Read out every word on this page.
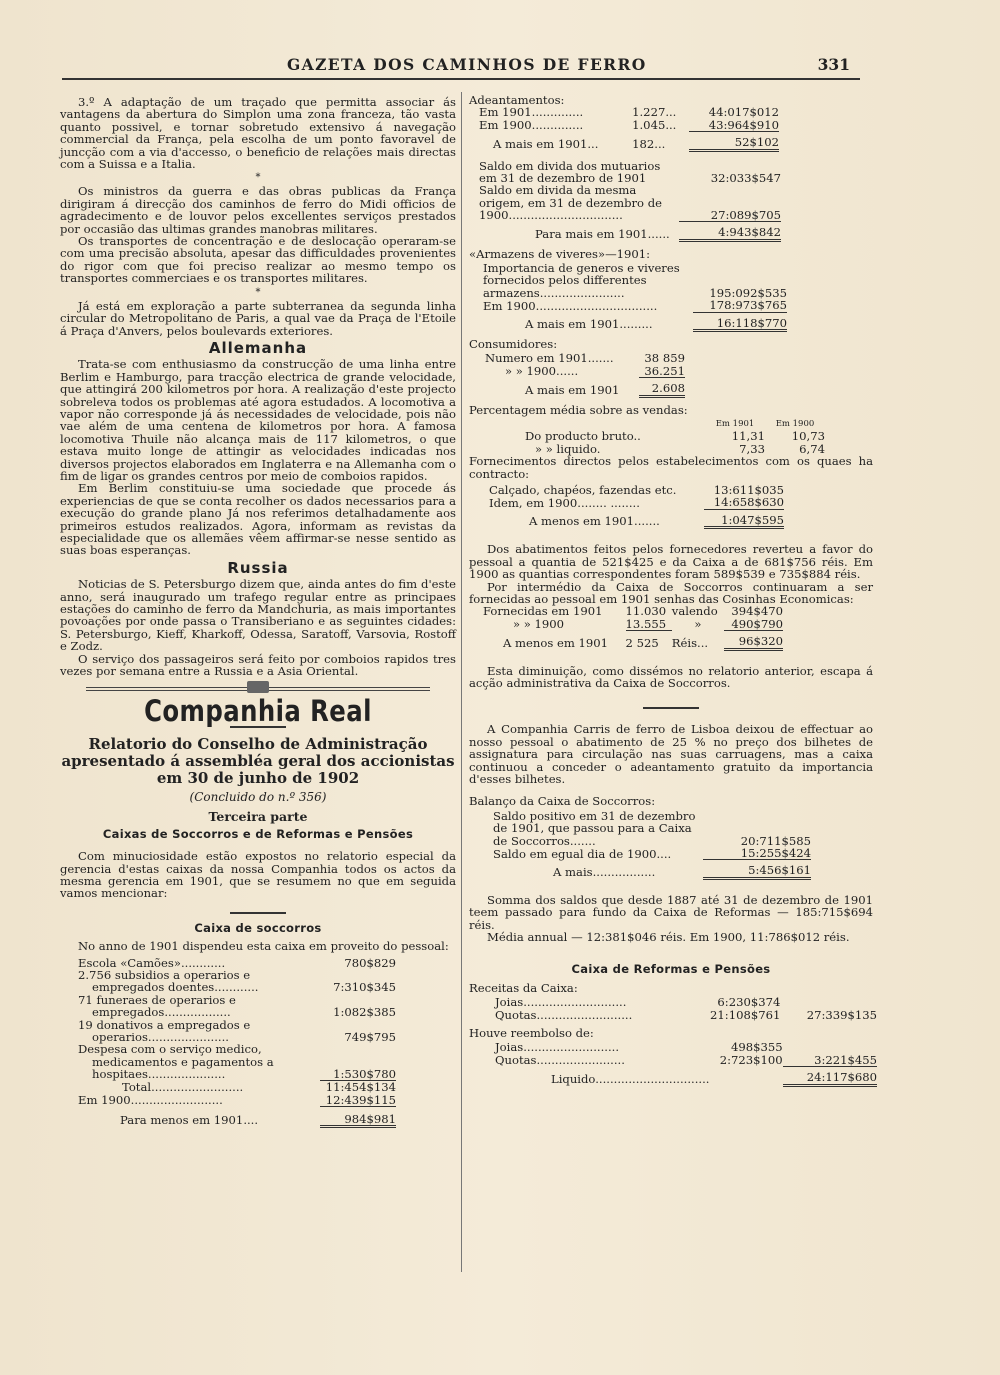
GAZETA DOS CAMINHOS DE FERRO	331

3.º A adaptação de um traçado que permitta associar ás vantagens da abertura do Simplon uma zona franceza, tão vasta quanto possivel, e tornar sobretudo extensivo á navegação commercial da França, pela escolha de um ponto favoravel de juncção com a via d'accesso, o beneficio de relações mais directas com a Suissa e a Italia.

*

Os ministros da guerra e das obras publicas da França dirigiram á direcção dos caminhos de ferro do Midi officios de agradecimento e de louvor pelos excellentes serviços prestados por occasião das ultimas grandes manobras militares.

Os transportes de concentração e de deslocação operaram-se com uma precisão absoluta, apesar das difficuldades provenientes do rigor com que foi preciso realizar ao mesmo tempo os transportes commerciaes e os transportes militares.

*

Já está em exploração a parte subterranea da segunda linha circular do Metropolitano de Paris, a qual vae da Praça de l'Etoile á Praça d'Anvers, pelos boulevards exteriores.

Allemanha

Trata-se com enthusiasmo da construcção de uma linha entre Berlim e Hamburgo, para tracção electrica de grande velocidade, que attingirá 200 kilometros por hora. A realização d'este projecto sobreleva todos os problemas até agora estudados. A locomotiva a vapor não corresponde já ás necessidades de velocidade, pois não vae além de uma centena de kilometros por hora. A famosa locomotiva Thuile não alcança mais de 117 kilometros, o que estava muito longe de attingir as velocidades indicadas nos diversos projectos elaborados em Inglaterra e na Allemanha com o fim de ligar os grandes centros por meio de comboios rapidos.

Em Berlim constituiu-se uma sociedade que procede ás experiencias de que se conta recolher os dados necessarios para a execução do grande plano Já nos referimos detalhadamente aos primeiros estudos realizados. Agora, informam as revistas da especialidade que os allemães vêem affirmar-se nesse sentido as suas boas esperanças.

Russia

Noticias de S. Petersburgo dizem que, ainda antes do fim d'este anno, será inaugurado um trafego regular entre as principaes estações do caminho de ferro da Mandchuria, as mais importantes povoações por onde passa o Transiberiano e as seguintes cidades: S. Petersburgo, Kieff, Kharkoff, Odessa, Saratoff, Varsovia, Rostoff e Zodz.

O serviço dos passageiros será feito por comboios rapidos tres vezes por semana entre a Russia e a Asia Oriental.

Companhia Real
Relatorio do Conselho de Administração apresentado á assembléa geral dos accionistas em 30 de junho de 1902
(Concluido do n.º 356)
Terceira parte
Caixas de Soccorros e de Reformas e Pensões

Com minuciosidade estão expostos no relatorio especial da gerencia d'estas caixas da nossa Companhia todos os actos da mesma gerencia em 1901, que se resumem no que em seguida vamos mencionar:

Caixa de soccorros

No anno de 1901 dispendeu esta caixa em proveito do pessoal:

Escola «Camões»............	780$829
2.756 subsidios a operarios e empregados doentes............	7:310$345
71 funeraes de operarios e empregados..................	1:082$385
19 donativos a empregados e operarios......................	749$795
Despesa com o serviço medico, medicamentos e pagamentos a hospitaes.....................	1:530$780
Total.........................	11:454$134
Em 1900.........................	12:439$115
Para menos em 1901....	984$981
Adeantamentos:
Em 1901..............	1.227...	44:017$012
Em 1900..............	1.045...	43:964$910
A mais em 1901...	182...	52$102
Saldo em divida dos mutuarios em 31 de dezembro de 1901	32:033$547
Saldo em divida da mesma origem, em 31 de dezembro de 1900...............................	27:089$705
Para mais em 1901......	4:943$842
«Armazens de viveres»—1901:
Importancia de generos e viveres fornecidos pelos differentes armazens.......................	195:092$535
Em 1900.................................	178:973$765
A mais em 1901.........	16:118$770
Consumidores:
Numero em 1901.......	38 859
» » 1900......	36.251
A mais em 1901	2.608
Percentagem média sobre as vendas:
	Em 1901	Em 1900
Do producto bruto..	11,31	10,73
» » liquido.	7,33	6,74

Fornecimentos directos pelos estabelecimentos com os quaes ha contracto:

Calçado, chapéos, fazendas etc.	13:611$035
Idem, em 1900........ ........	14:658$630
A menos em 1901.......	1:047$595

Dos abatimentos feitos pelos fornecedores reverteu a favor do pessoal a quantia de 521$425 e da Caixa a de 681$756 réis. Em 1900 as quantias correspondentes foram 589$539 e 735$884 réis.

Por intermédio da Caixa de Soccorros continuaram a ser fornecidas ao pessoal em 1901 senhas das Cosinhas Economicas:

Fornecidas em 1901	11.030	valendo	394$470
» » 1900	13.555	»	490$790
A menos em 1901	2 525	Réis...	96$320

Esta diminuição, como dissémos no relatorio anterior, escapa á acção administrativa da Caixa de Soccorros.

A Companhia Carris de ferro de Lisboa deixou de effectuar ao nosso pessoal o abatimento de 25 % no preço dos bilhetes de assignatura para circulação nas suas carruagens, mas a caixa continuou a conceder o adeantamento gratuito da importancia d'esses bilhetes.

Balanço da Caixa de Soccorros:
Saldo positivo em 31 de dezembro de 1901, que passou para a Caixa de Soccorros.......	20:711$585
Saldo em egual dia de 1900....	15:255$424
A mais.................	5:456$161

Somma dos saldos que desde 1887 até 31 de dezembro de 1901 teem passado para fundo da Caixa de Reformas — 185:715$694 réis.

Média annual — 12:381$046 réis. Em 1900, 11:786$012 réis.

Caixa de Reformas e Pensões
Receitas da Caixa:
Joias............................	6:230$374	
Quotas..........................	21:108$761	27:339$135
Houve reembolso de:
Joias..........................	498$355	
Quotas........................	2:723$100	3:221$455
Liquido...............................		24:117$680
